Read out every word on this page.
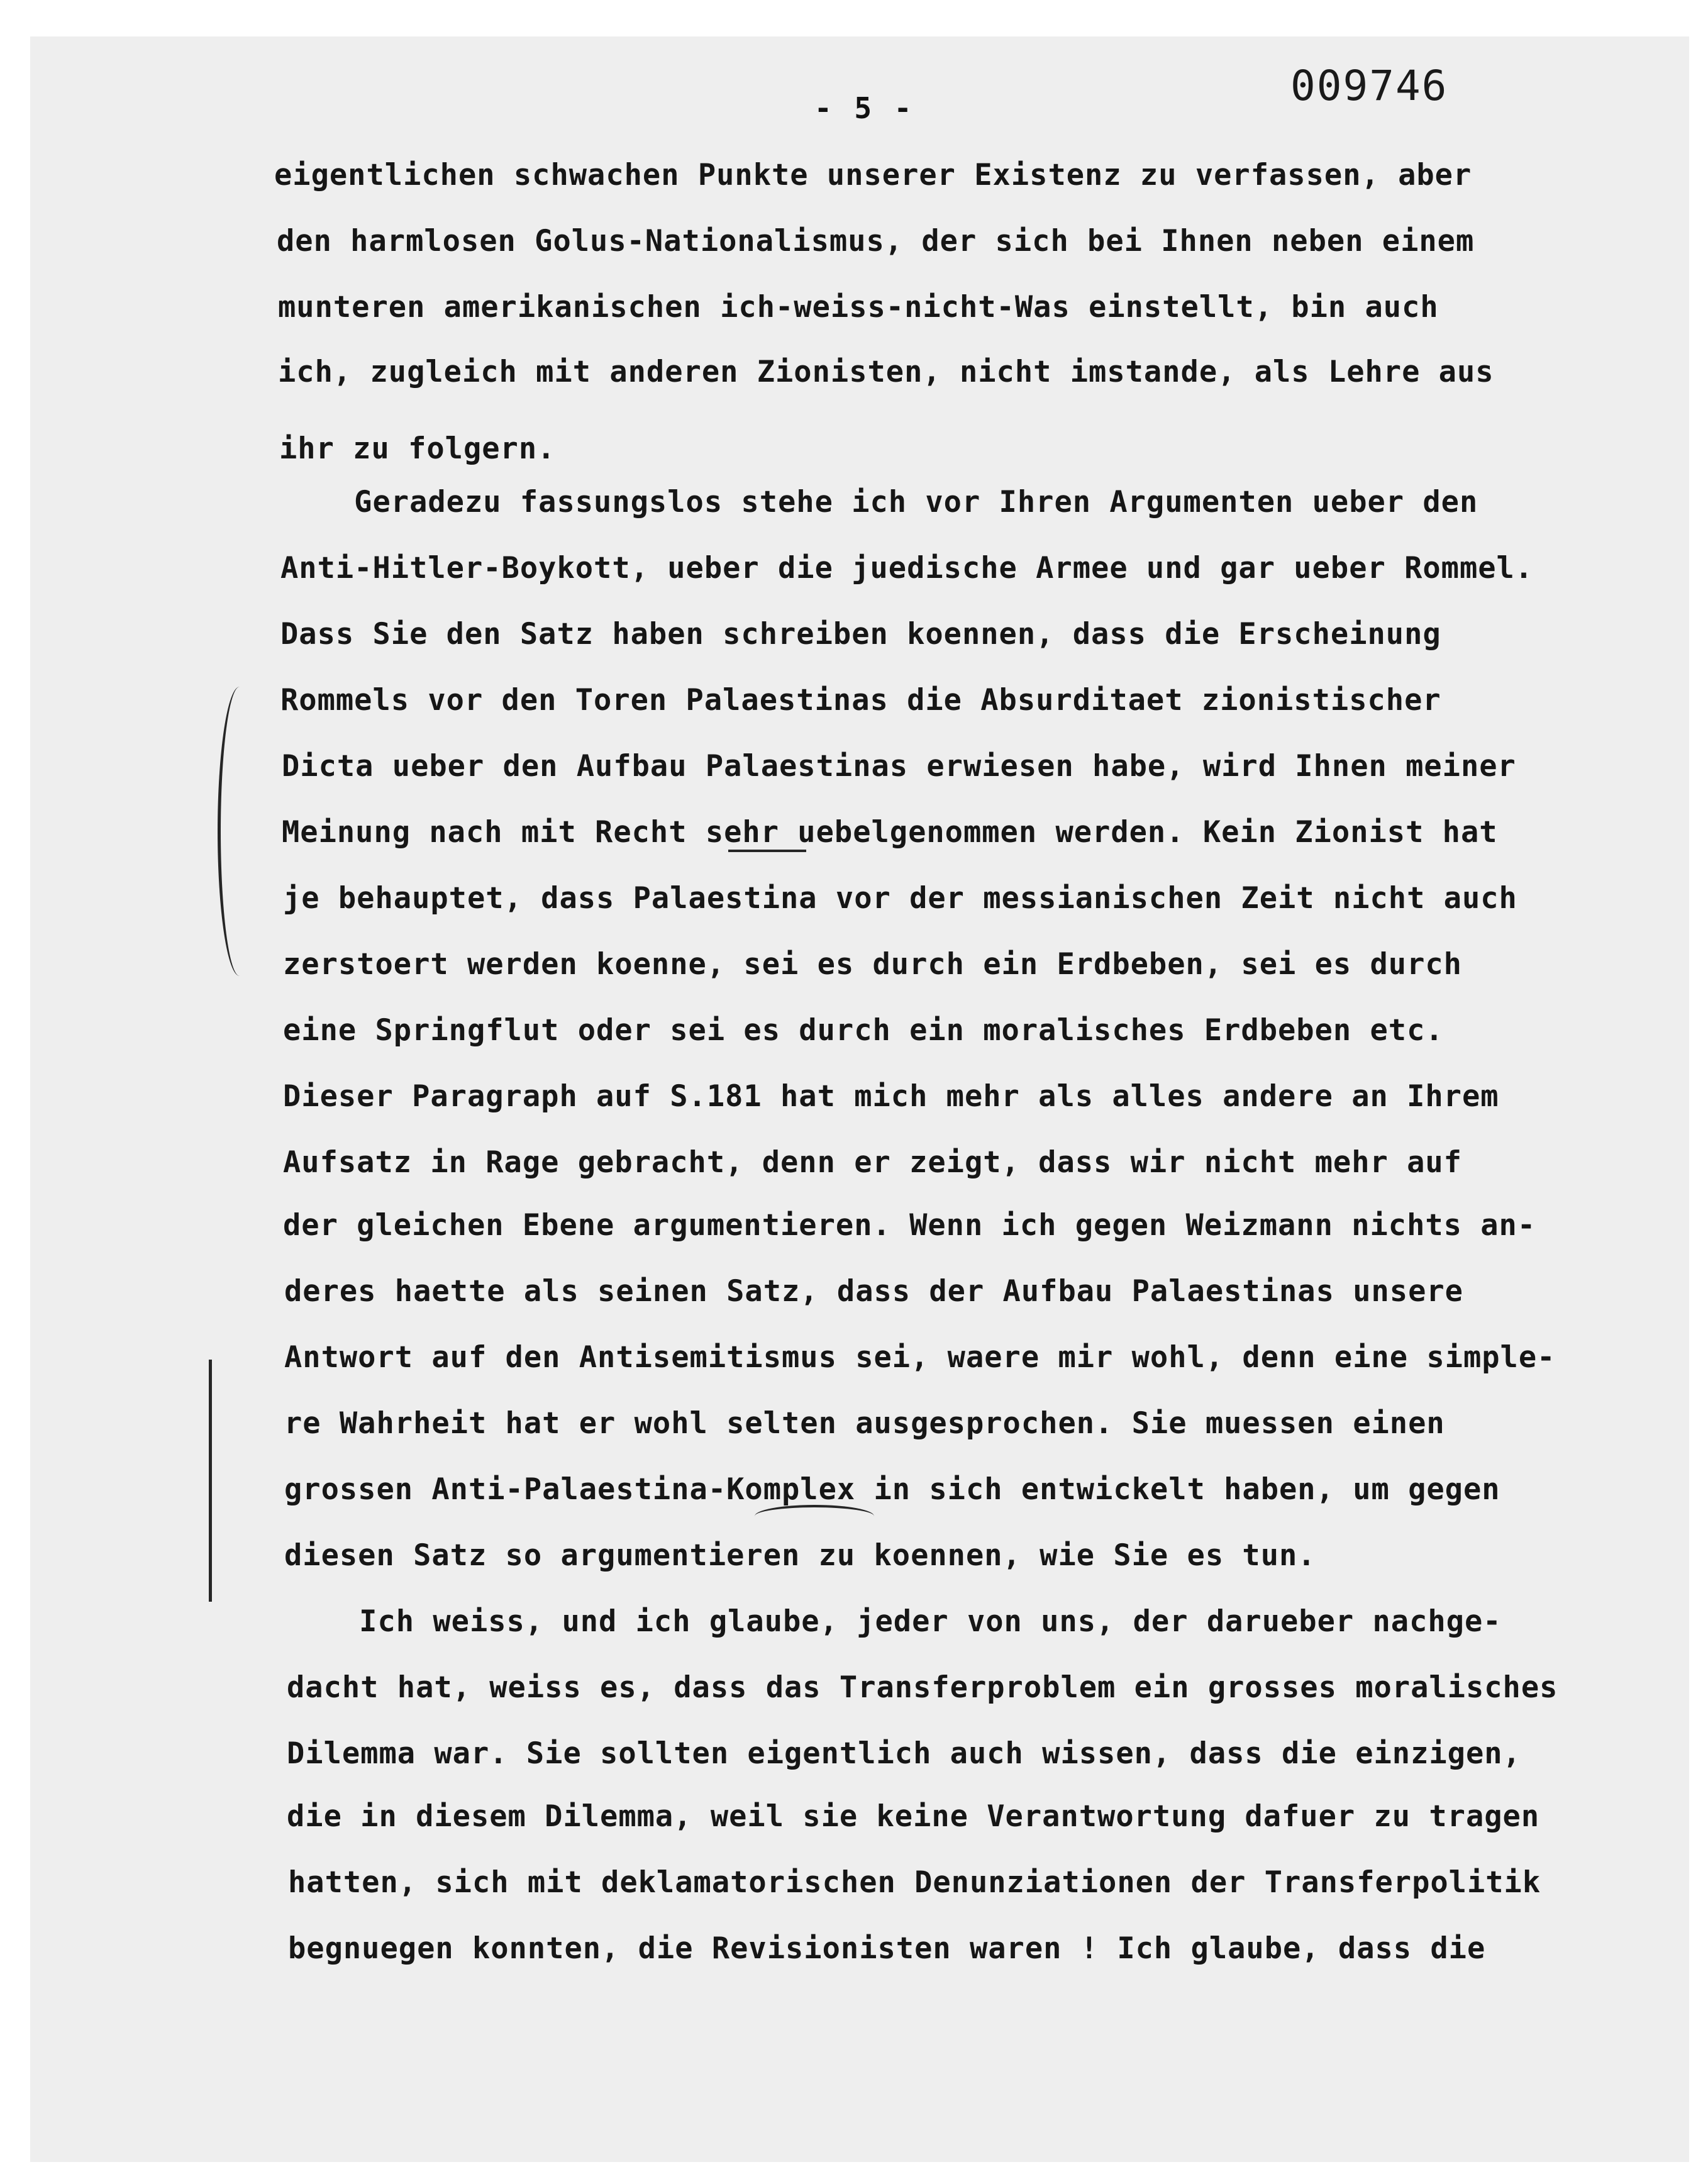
- 5 -	009746
eigentlichen schwachen Punkte unserer Existenz zu verfassen, aber
den harmlosen Golus-Nationalismus, der sich bei Ihnen neben einem
munteren amerikanischen ich-weiss-nicht-Was einstellt, bin auch
ich, zugleich mit anderen Zionisten, nicht imstande, als Lehre aus
ihr zu folgern.
Geradezu fassungslos stehe ich vor Ihren Argumenten ueber den
Anti-Hitler-Boykott, ueber die juedische Armee und gar ueber Rommel.
Dass Sie den Satz haben schreiben koennen, dass die Erscheinung
Rommels vor den Toren Palaestinas die Absurditaet zionistischer
Dicta ueber den Aufbau Palaestinas erwiesen habe, wird Ihnen meiner
Meinung nach mit Recht sehr uebelgenommen werden. Kein Zionist hat
je behauptet, dass Palaestina vor der messianischen Zeit nicht auch
zerstoert werden koenne, sei es durch ein Erdbeben, sei es durch
eine Springflut oder sei es durch ein moralisches Erdbeben etc.
Dieser Paragraph auf S.181 hat mich mehr als alles andere an Ihrem
Aufsatz in Rage gebracht, denn er zeigt, dass wir nicht mehr auf
der gleichen Ebene argumentieren. Wenn ich gegen Weizmann nichts an-
deres haette als seinen Satz, dass der Aufbau Palaestinas unsere
Antwort auf den Antisemitismus sei, waere mir wohl, denn eine simple-
re Wahrheit hat er wohl selten ausgesprochen. Sie muessen einen
grossen Anti-Palaestina-Komplex in sich entwickelt haben, um gegen
diesen Satz so argumentieren zu koennen, wie Sie es tun.
Ich weiss, und ich glaube, jeder von uns, der darueber nachge-
dacht hat, weiss es, dass das Transferproblem ein grosses moralisches
Dilemma war. Sie sollten eigentlich auch wissen, dass die einzigen,
die in diesem Dilemma, weil sie keine Verantwortung dafuer zu tragen
hatten, sich mit deklamatorischen Denunziationen der Transferpolitik
begnuegen konnten, die Revisionisten waren ! Ich glaube, dass die
